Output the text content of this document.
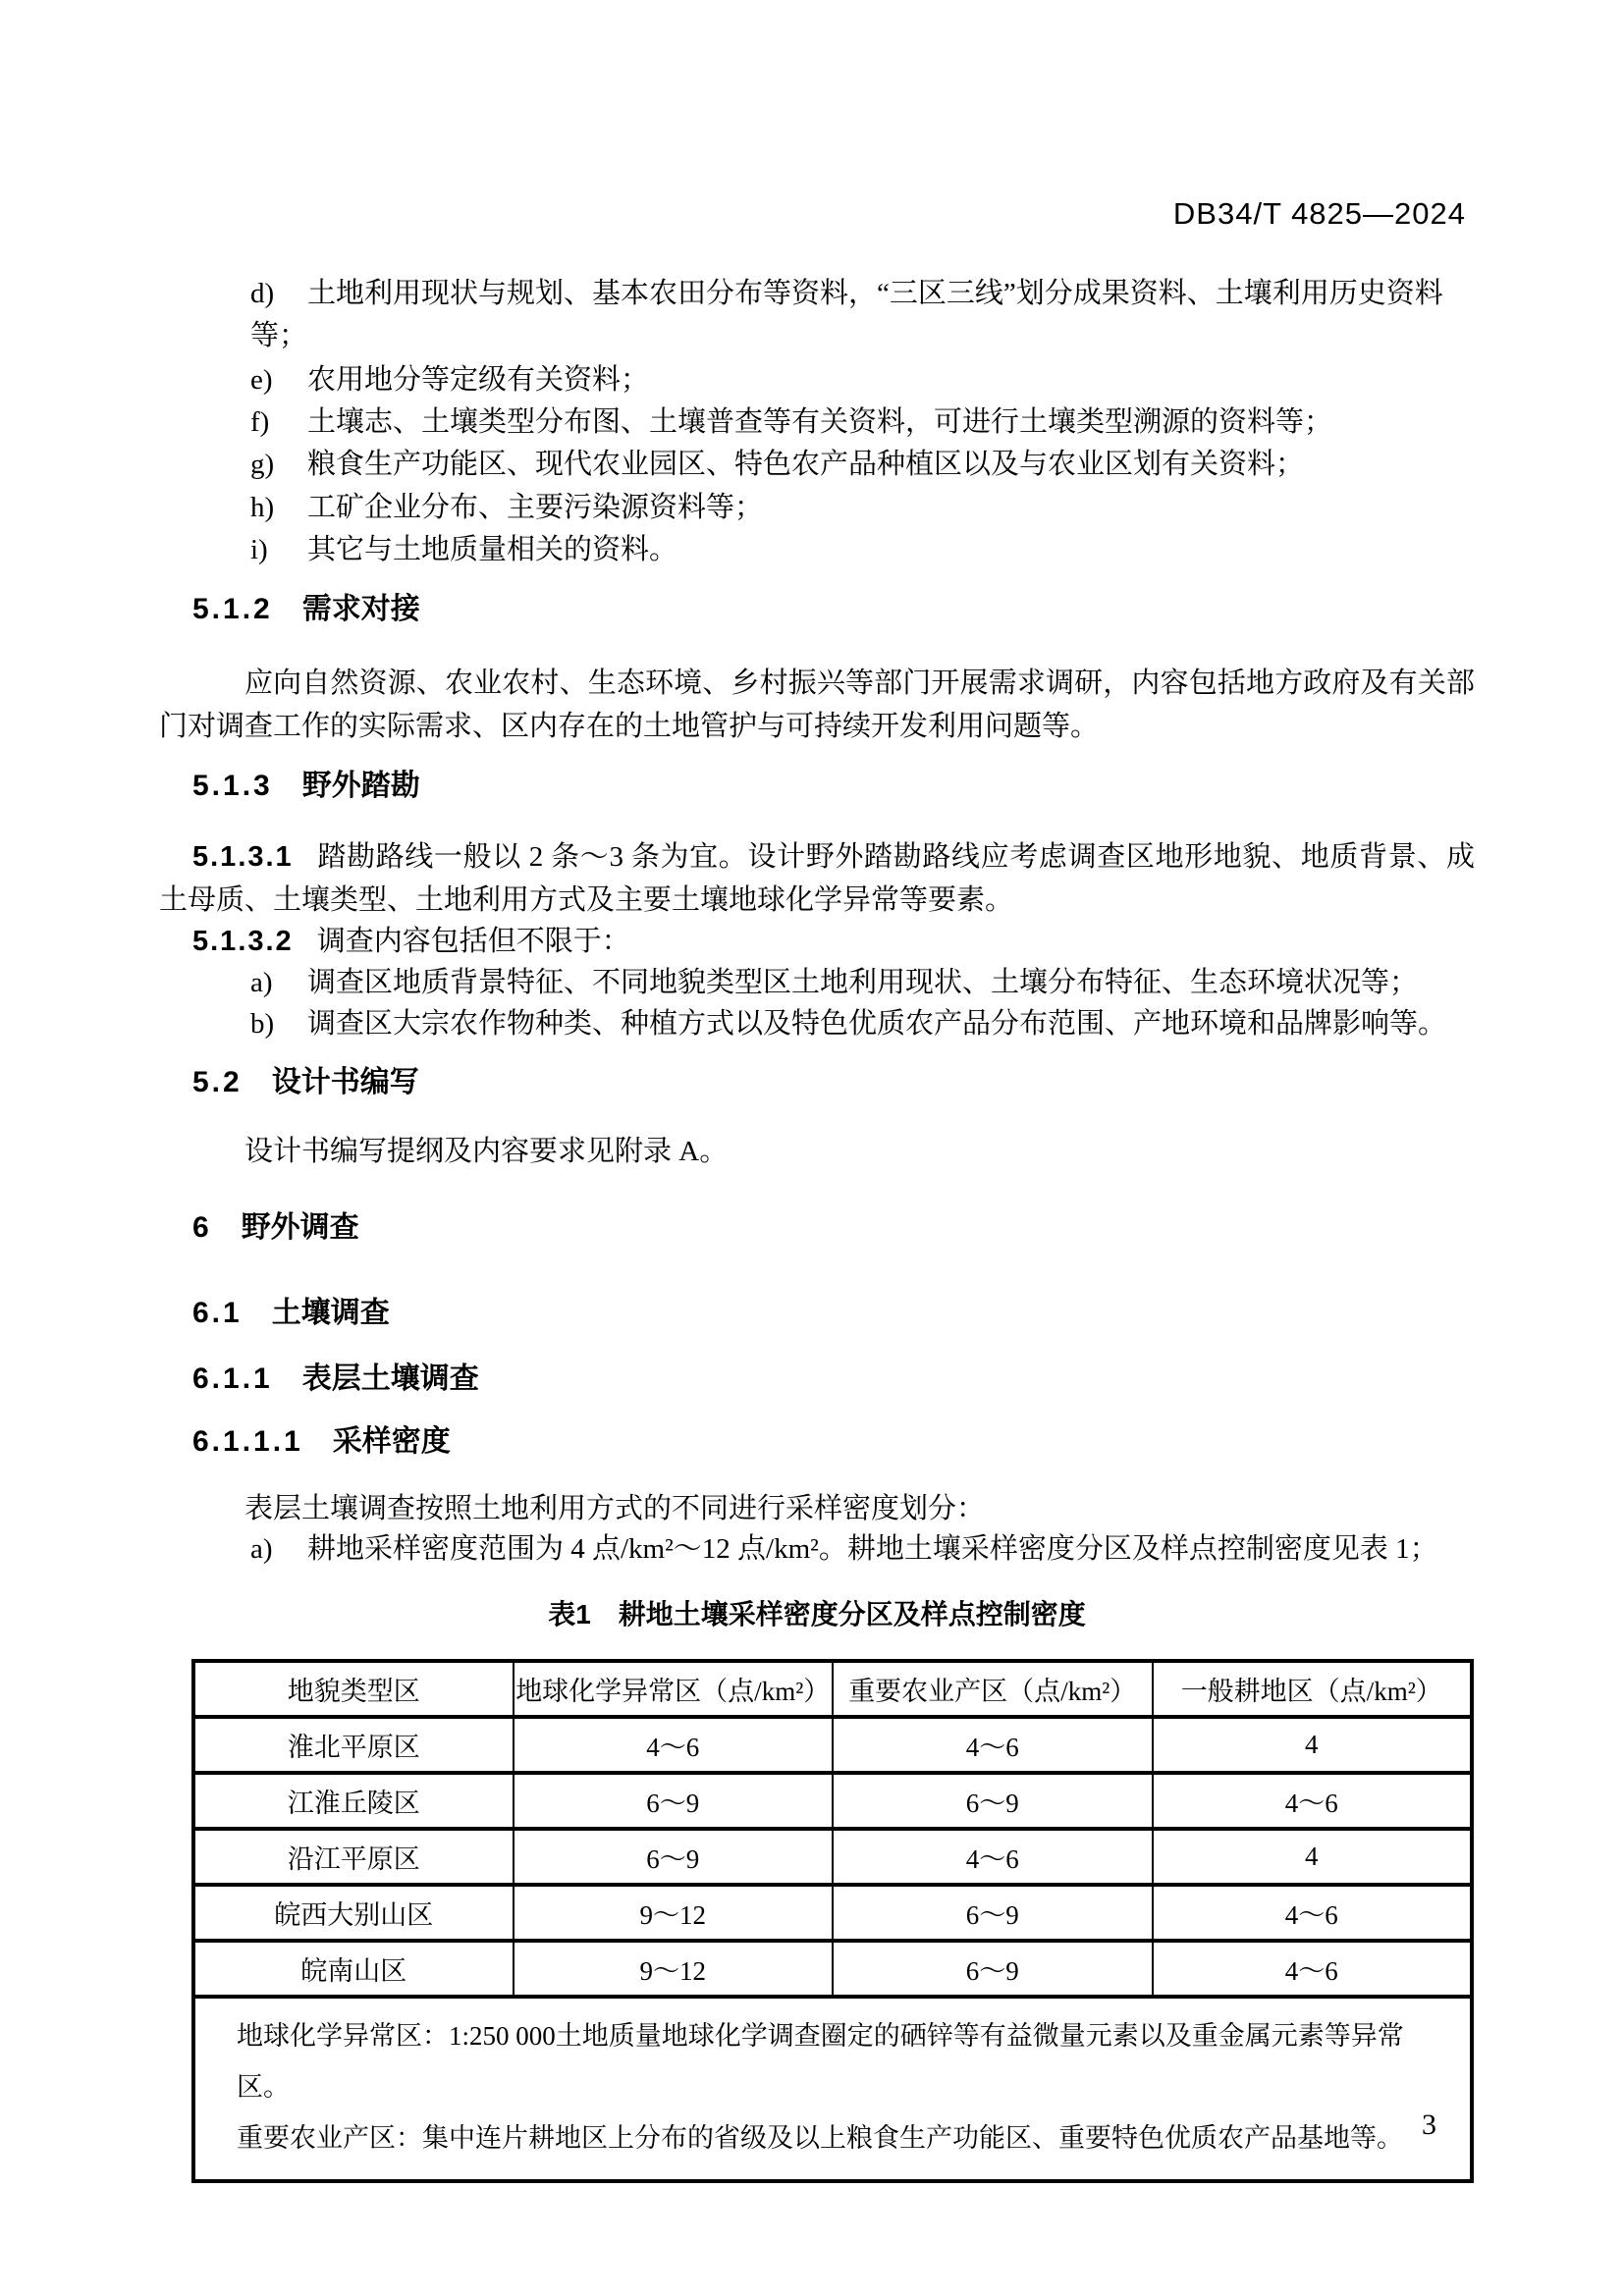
DB34/T 4825—2024
d) 土地利用现状与规划、基本农田分布等资料，“三区三线”划分成果资料、土壤利用历史资料等；
e) 农用地分等定级有关资料；
f) 土壤志、土壤类型分布图、土壤普查等有关资料，可进行土壤类型溯源的资料等；
g) 粮食生产功能区、现代农业园区、特色农产品种植区以及与农业区划有关资料；
h) 工矿企业分布、主要污染源资料等；
i) 其它与土地质量相关的资料。
5.1.2 需求对接
应向自然资源、农业农村、生态环境、乡村振兴等部门开展需求调研，内容包括地方政府及有关部门对调查工作的实际需求、区内存在的土地管护与可持续开发利用问题等。
5.1.3 野外踏勘
5.1.3.1 踏勘路线一般以 2 条～3 条为宜。设计野外踏勘路线应考虑调查区地形地貌、地质背景、成土母质、土壤类型、土地利用方式及主要土壤地球化学异常等要素。
5.1.3.2 调查内容包括但不限于：
a) 调查区地质背景特征、不同地貌类型区土地利用现状、土壤分布特征、生态环境状况等；
b) 调查区大宗农作物种类、种植方式以及特色优质农产品分布范围、产地环境和品牌影响等。
5.2 设计书编写
设计书编写提纲及内容要求见附录 A。
6 野外调查
6.1 土壤调查
6.1.1 表层土壤调查
6.1.1.1 采样密度
表层土壤调查按照土地利用方式的不同进行采样密度划分：
a) 耕地采样密度范围为 4 点/km²～12 点/km²。耕地土壤采样密度分区及样点控制密度见表 1；
表1　耕地土壤采样密度分区及样点控制密度
地貌类型区	地球化学异常区（点/km²）	重要农业产区（点/km²）	一般耕地区（点/km²）
淮北平原区	4～6	4～6	4
江淮丘陵区	6～9	6～9	4～6
沿江平原区	6～9	4～6	4
皖西大别山区	9～12	6～9	4～6
皖南山区	9～12	6～9	4～6

地球化学异常区：1:250 000土地质量地球化学调查圈定的硒锌等有益微量元素以及重金属元素等异常区。
重要农业产区：集中连片耕地区上分布的省级及以上粮食生产功能区、重要特色优质农产品基地等。			3
